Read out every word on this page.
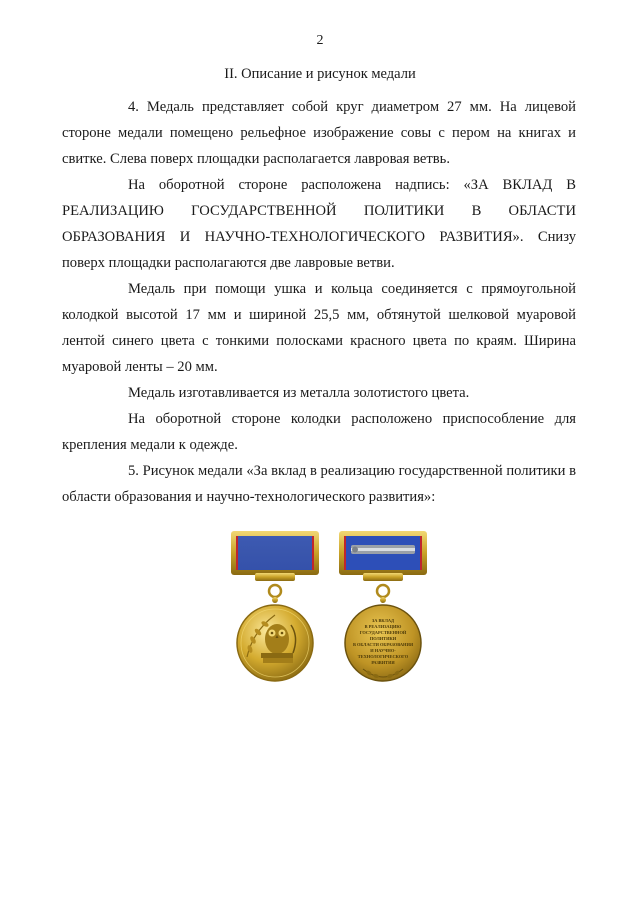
2
II. Описание и рисунок медали

4. Медаль представляет собой круг диаметром 27 мм. На лицевой стороне медали помещено рельефное изображение совы с пером на книгах и свитке. Слева поверх площадки располагается лавровая ветвь.

На оборотной стороне расположена надпись: «ЗА ВКЛАД В РЕАЛИЗАЦИЮ ГОСУДАРСТВЕННОЙ ПОЛИТИКИ В ОБЛАСТИ ОБРАЗОВАНИЯ И НАУЧНО-ТЕХНОЛОГИЧЕСКОГО РАЗВИТИЯ». Снизу поверх площадки располагаются две лавровые ветви.

Медаль при помощи ушка и кольца соединяется с прямоугольной колодкой высотой 17 мм и шириной 25,5 мм, обтянутой шелковой муаровой лентой синего цвета с тонкими полосками красного цвета по краям. Ширина муаровой ленты – 20 мм.

Медаль изготавливается из металла золотистого цвета.

На оборотной стороне колодки расположено приспособление для крепления медали к одежде.

5. Рисунок медали «За вклад в реализацию государственной политики в области образования и научно-технологического развития»:

ЗА ВКЛАД
В РЕАЛИЗАЦИЮ
ГОСУДАРСТВЕННОЙ
ПОЛИТИКИ
В ОБЛАСТИ ОБРАЗОВАНИЯ
И НАУЧНО-
ТЕХНОЛОГИЧЕСКОГО
РАЗВИТИЯ
